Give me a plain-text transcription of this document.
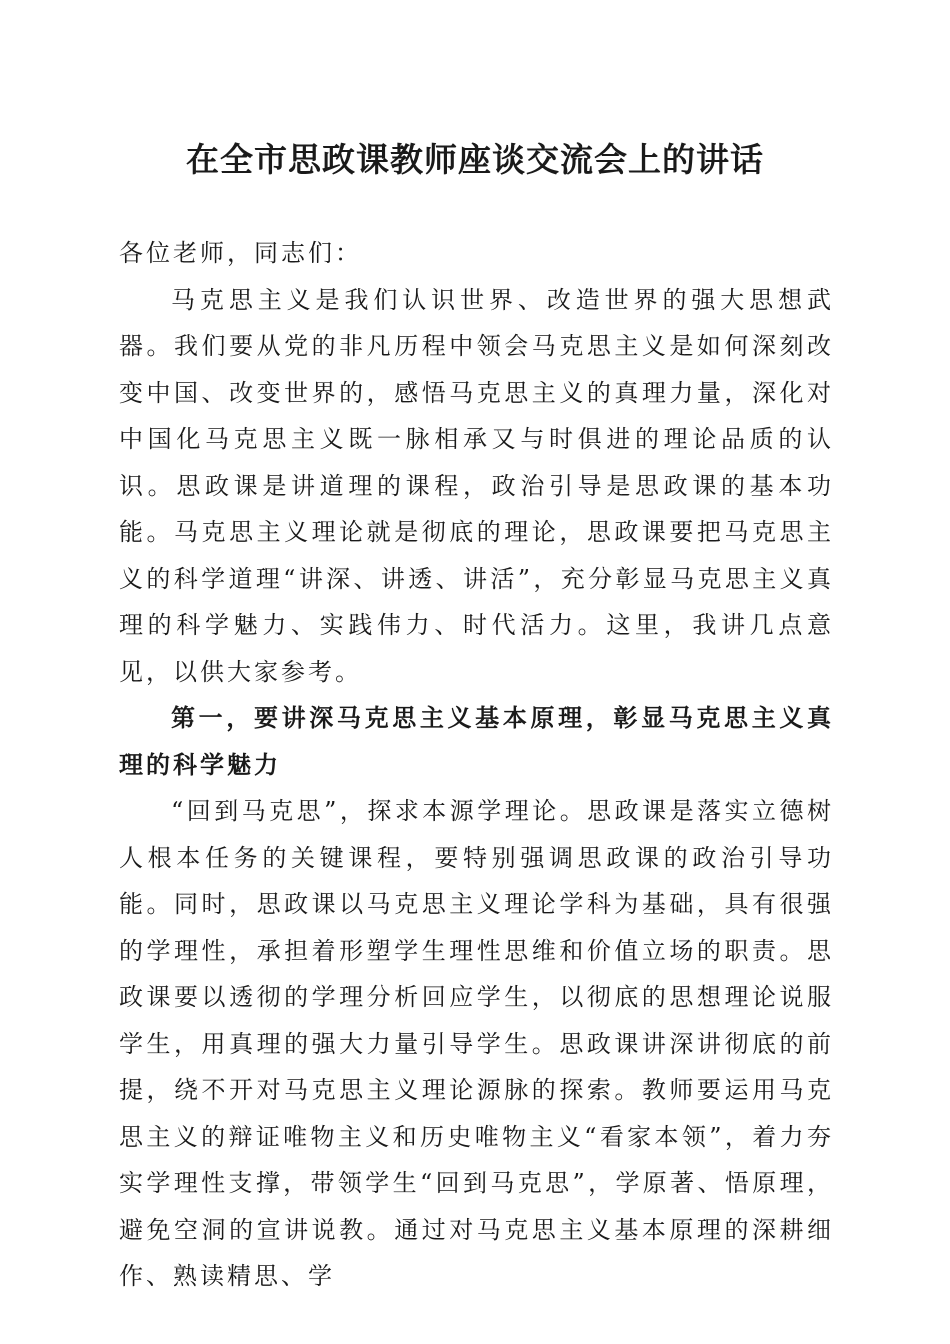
在全市思政课教师座谈交流会上的讲话

各位老师，同志们：

马克思主义是我们认识世界、改造世界的强大思想武器。我们要从党的非凡历程中领会马克思主义是如何深刻改变中国、改变世界的，感悟马克思主义的真理力量，深化对中国化马克思主义既一脉相承又与时俱进的理论品质的认识。思政课是讲道理的课程，政治引导是思政课的基本功能。马克思主义理论就是彻底的理论，思政课要把马克思主义的科学道理“讲深、讲透、讲活”，充分彰显马克思主义真理的科学魅力、实践伟力、时代活力。这里，我讲几点意见，以供大家参考。

第一，要讲深马克思主义基本原理，彰显马克思主义真理的科学魅力

“回到马克思”，探求本源学理论。思政课是落实立德树人根本任务的关键课程，要特别强调思政课的政治引导功能。同时，思政课以马克思主义理论学科为基础，具有很强的学理性，承担着形塑学生理性思维和价值立场的职责。思政课要以透彻的学理分析回应学生，以彻底的思想理论说服学生，用真理的强大力量引导学生。思政课讲深讲彻底的前提，绕不开对马克思主义理论源脉的探索。教师要运用马克思主义的辩证唯物主义和历史唯物主义“看家本领”，着力夯实学理性支撑，带领学生“回到马克思”，学原著、悟原理，避免空洞的宣讲说教。通过对马克思主义基本原理的深耕细作、熟读精思、学
